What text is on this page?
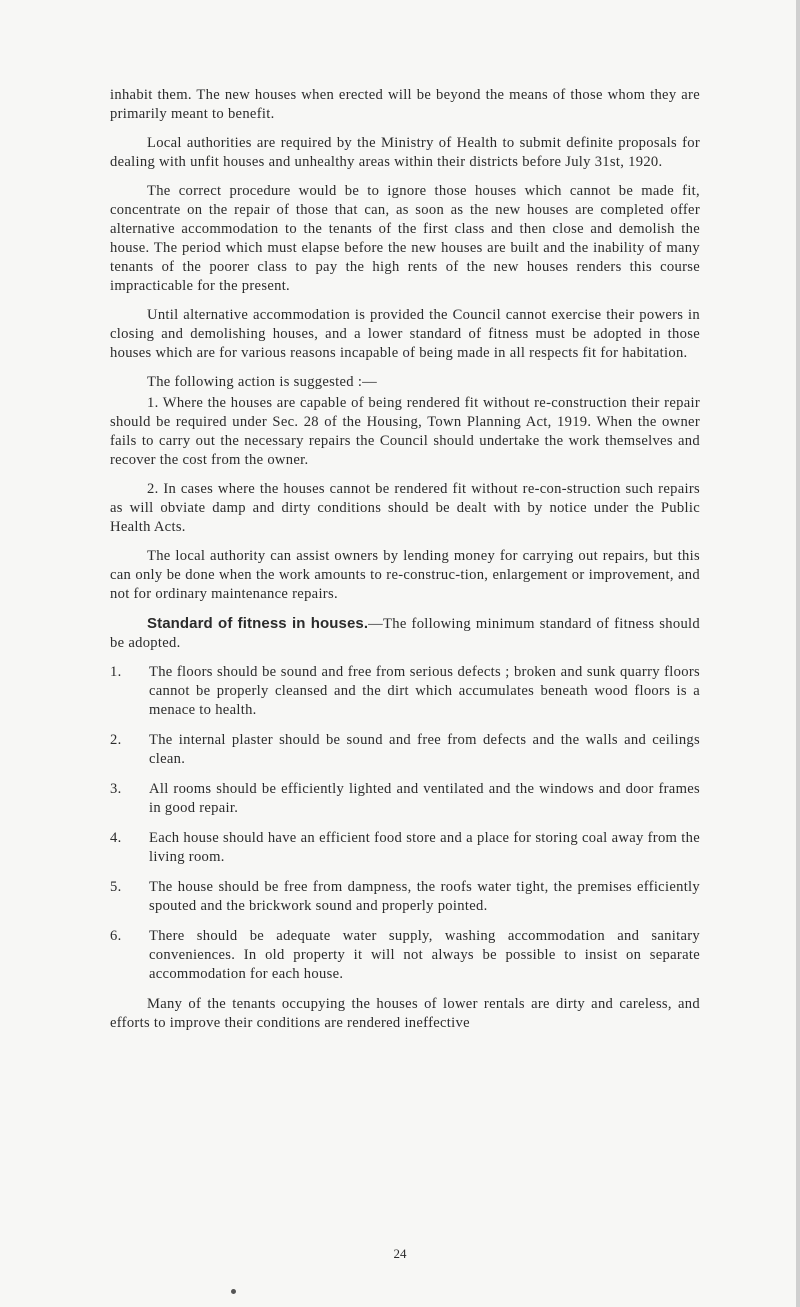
inhabit them. The new houses when erected will be beyond the means of those whom they are primarily meant to benefit.

Local authorities are required by the Ministry of Health to submit definite proposals for dealing with unfit houses and unhealthy areas within their districts before July 31st, 1920.

The correct procedure would be to ignore those houses which cannot be made fit, concentrate on the repair of those that can, as soon as the new houses are completed offer alternative accommodation to the tenants of the first class and then close and demolish the house. The period which must elapse before the new houses are built and the inability of many tenants of the poorer class to pay the high rents of the new houses renders this course impracticable for the present.

Until alternative accommodation is provided the Council cannot exercise their powers in closing and demolishing houses, and a lower standard of fitness must be adopted in those houses which are for various reasons incapable of being made in all respects fit for habitation.

The following action is suggested :—

1. Where the houses are capable of being rendered fit without re-construction their repair should be required under Sec. 28 of the Housing, Town Planning Act, 1919. When the owner fails to carry out the necessary repairs the Council should undertake the work themselves and recover the cost from the owner.

2. In cases where the houses cannot be rendered fit without re-con-struction such repairs as will obviate damp and dirty conditions should be dealt with by notice under the Public Health Acts.

The local authority can assist owners by lending money for carrying out repairs, but this can only be done when the work amounts to re-construc-tion, enlargement or improvement, and not for ordinary maintenance repairs.

Standard of fitness in houses.—The following minimum standard of fitness should be adopted.

1. The floors should be sound and free from serious defects ; broken and sunk quarry floors cannot be properly cleansed and the dirt which accumulates beneath wood floors is a menace to health.
2. The internal plaster should be sound and free from defects and the walls and ceilings clean.
3. All rooms should be efficiently lighted and ventilated and the windows and door frames in good repair.
4. Each house should have an efficient food store and a place for storing coal away from the living room.
5. The house should be free from dampness, the roofs water tight, the premises efficiently spouted and the brickwork sound and properly pointed.
6. There should be adequate water supply, washing accommodation and sanitary conveniences. In old property it will not always be possible to insist on separate accommodation for each house.

Many of the tenants occupying the houses of lower rentals are dirty and careless, and efforts to improve their conditions are rendered ineffective

24
